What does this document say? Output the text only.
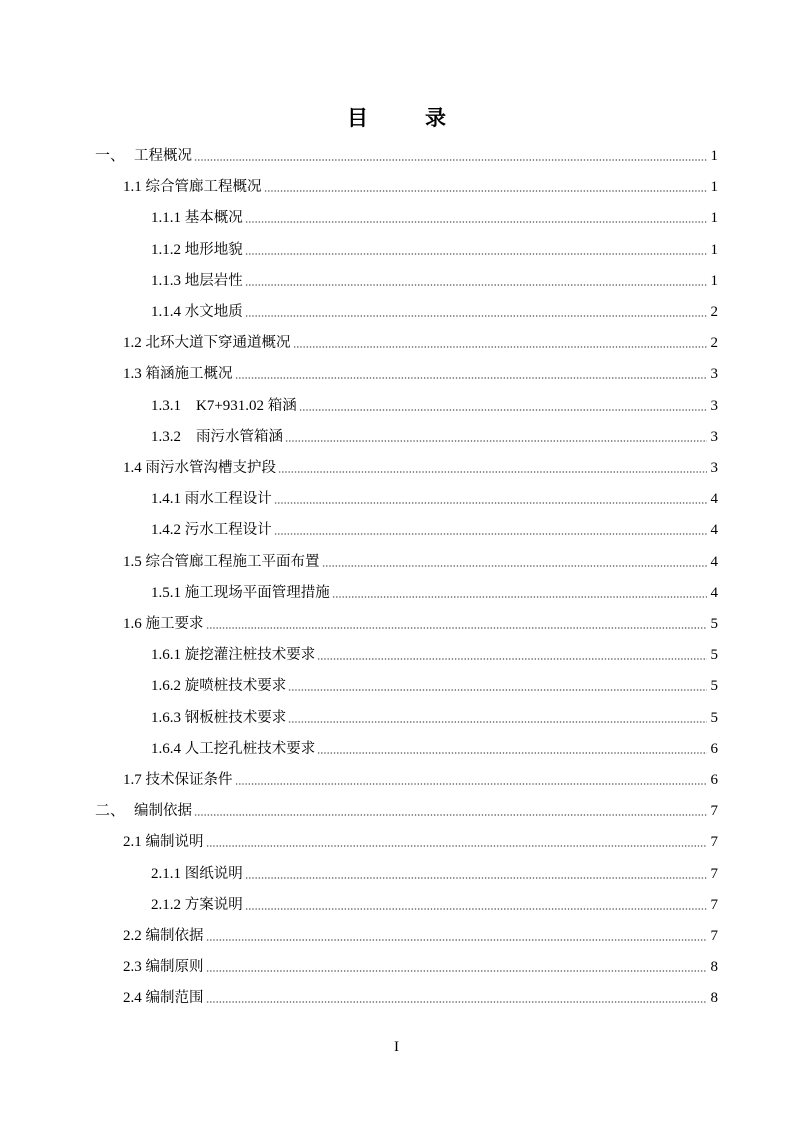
目　录
一、 工程概况	1
1.1 综合管廊工程概况	1
1.1.1 基本概况	1
1.1.2 地形地貌	1
1.1.3 地层岩性	1
1.1.4 水文地质	2
1.2 北环大道下穿通道概况	2
1.3 箱涵施工概况	3
1.3.1    K7+931.02 箱涵	3
1.3.2 雨污水管箱涵	3
1.4 雨污水管沟槽支护段	3
1.4.1 雨水工程设计	4
1.4.2 污水工程设计	4
1.5 综合管廊工程施工平面布置	4
1.5.1 施工现场平面管理措施	4
1.6 施工要求	5
1.6.1 旋挖灌注桩技术要求	5
1.6.2 旋喷桩技术要求	5
1.6.3 钢板桩技术要求	5
1.6.4 人工挖孔桩技术要求	6
1.7 技术保证条件	6
二、 编制依据	7
2.1 编制说明	7
2.1.1 图纸说明	7
2.1.2 方案说明	7
2.2 编制依据	7
2.3 编制原则	8
2.4 编制范围	8
I
